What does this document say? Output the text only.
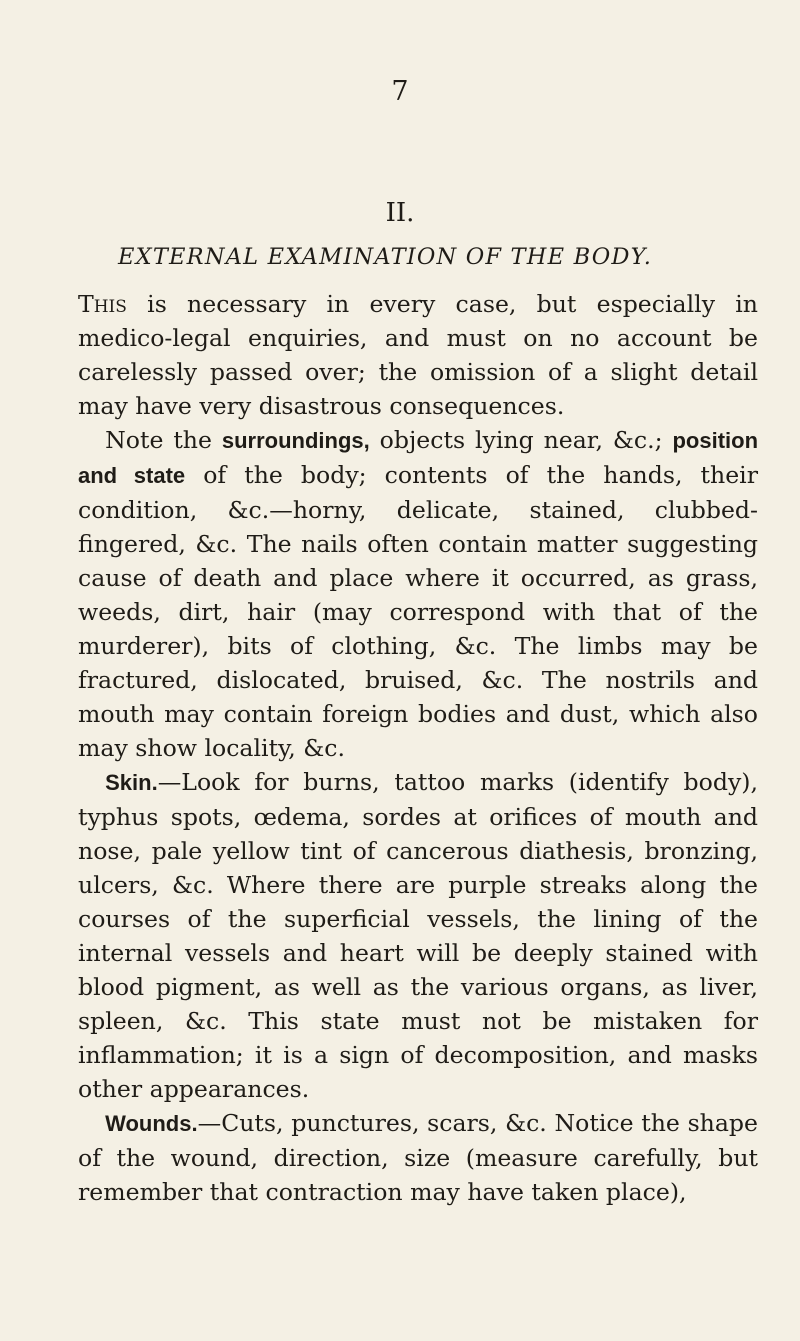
7
II.
EXTERNAL EXAMINATION OF THE BODY.

This is necessary in every case, but especially in medico-legal enquiries, and must on no account be carelessly passed over; the omission of a slight detail may have very disastrous consequences.

Note the surroundings, objects lying near, &c.; position and state of the body; contents of the hands, their condition, &c.—horny, delicate, stained, clubbed-fingered, &c. The nails often contain matter suggesting cause of death and place where it occurred, as grass, weeds, dirt, hair (may correspond with that of the murderer), bits of clothing, &c. The limbs may be fractured, dislocated, bruised, &c. The nostrils and mouth may contain foreign bodies and dust, which also may show locality, &c.

Skin.—Look for burns, tattoo marks (identify body), typhus spots, œdema, sordes at orifices of mouth and nose, pale yellow tint of cancerous diathesis, bronzing, ulcers, &c. Where there are purple streaks along the courses of the superficial vessels, the lining of the internal vessels and heart will be deeply stained with blood pigment, as well as the various organs, as liver, spleen, &c. This state must not be mistaken for inflammation; it is a sign of decomposition, and masks other appearances.

Wounds.—Cuts, punctures, scars, &c. Notice the shape of the wound, direction, size (measure carefully, but remember that contraction may have taken place),
